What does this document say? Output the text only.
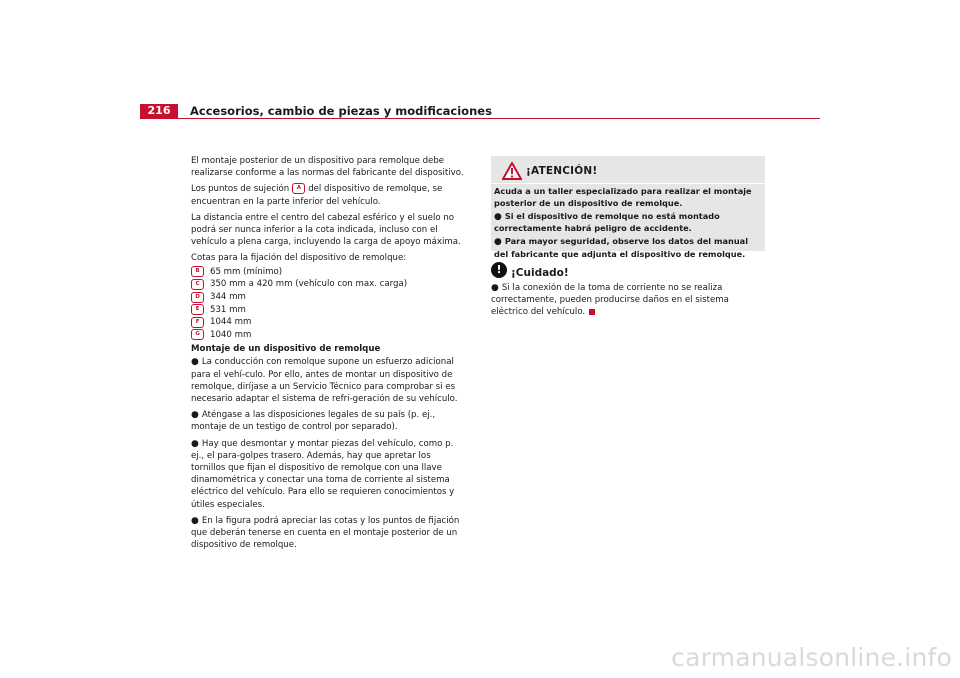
216	Accesorios, cambio de piezas y modificaciones

El montaje posterior de un dispositivo para remolque debe realizarse conforme a las normas del fabricante del dispositivo.

Los puntos de sujeción A del dispositivo de remolque, se encuentran en la parte inferior del vehículo.

La distancia entre el centro del cabezal esférico y el suelo no podrá ser nunca inferior a la cota indicada, incluso con el vehículo a plena carga, incluyendo la carga de apoyo máxima.

Cotas para la fijación del dispositivo de remolque:

B	65 mm (mínimo)
C	350 mm a 420 mm (vehículo con max. carga)
D	344 mm
E	531 mm
F	1044 mm
G	1040 mm
Montaje de un dispositivo de remolque

● La conducción con remolque supone un esfuerzo adicional para el vehí-culo. Por ello, antes de montar un dispositivo de remolque, diríjase a un Servicio Técnico para comprobar si es necesario adaptar el sistema de refri-geración de su vehículo.

● Aténgase a las disposiciones legales de su país (p. ej., montaje de un testigo de control por separado).

● Hay que desmontar y montar piezas del vehículo, como p. ej., el para-golpes trasero. Además, hay que apretar los tornillos que fijan el dispositivo de remolque con una llave dinamométrica y conectar una toma de corriente al sistema eléctrico del vehículo. Para ello se requieren conocimientos y útiles especiales.

● En la figura podrá apreciar las cotas y los puntos de fijación que deberán tenerse en cuenta en el montaje posterior de un dispositivo de remolque.

¡ATENCIÓN!

Acuda a un taller especializado para realizar el montaje posterior de un dispositivo de remolque.

● Si el dispositivo de remolque no está montado correctamente habrá peligro de accidente.

● Para mayor seguridad, observe los datos del manual del fabricante que adjunta el dispositivo de remolque.

! ¡Cuidado!

● Si la conexión de la toma de corriente no se realiza correctamente, pueden producirse daños en el sistema eléctrico del vehículo.

carmanualsonline.info
